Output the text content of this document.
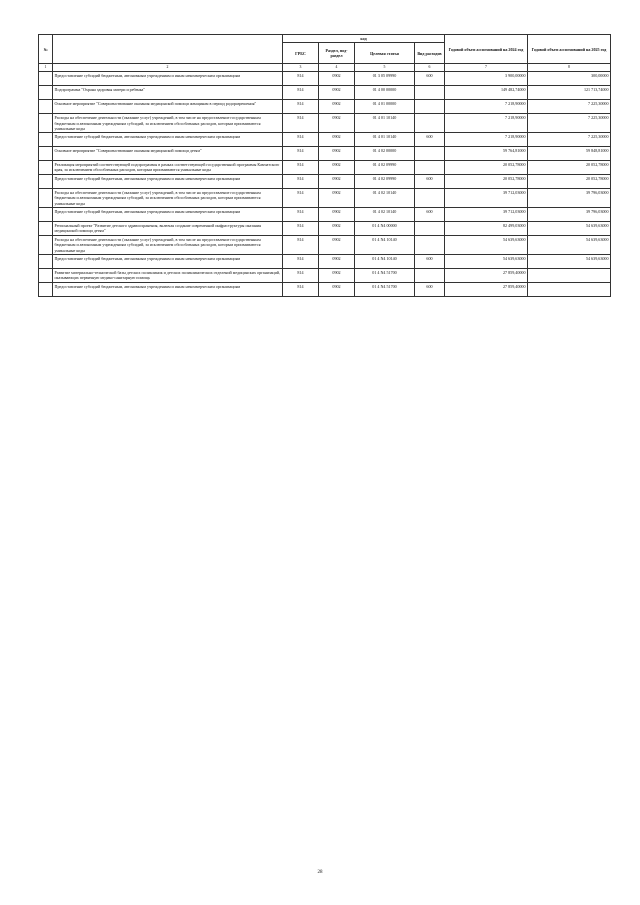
№		код				Годовой объем ассигнований на 2024 год	Годовой объем ассигнований на 2025 год
		ГРБС	Раздел, под-раздел	Целевая статья	Вид расходов		
1	2	3	4	5	6	7	8
	Предоставление субсидий бюджетным, автономным учреждениям и иным некоммерческим организациям	814	0902	01 3 05 09990	600	3 900,00000	300,00000
	Подпрограмма "Охрана здоровья матери и ребенка"	814	0902	01 4 00 00000		149 482,74000	121 713,74000
	Основное мероприятие "Совершенствование оказания медицинской помощи женщинам в период родоразрешения"	814	0902	01 4 01 00000		7 218,90000	7 225,30000
	Расходы на обеспечение деятельности (оказание услуг) учреждений, в том числе на предоставление государственным бюджетным и автономным учреждениям субсидий, за исключением обособленных расходов, которым присваиваются уникальные коды	814	0902	01 4 01 10140		7 218,90000	7 225,30000
	Предоставление субсидий бюджетным, автономным учреждениям и иным некоммерческим организациям	814	0902	01 4 01 10140	600	7 218,90000	7 225,30000
	Основное мероприятие "Совершенствование оказания медицинской помощи детям"	814	0902	01 4 02 00000		59 764,81000	59 848,81000
	Реализация мероприятий соответствующей подпрограммы в рамках соответствующей государственной программы Камчатского края, за исключением обособленных расходов, которым присваиваются уникальные коды	814	0902	01 4 02 09990		20 052,78000	20 052,78000
	Предоставление субсидий бюджетным, автономным учреждениям и иным некоммерческим организациям	814	0902	01 4 02 09990	600	20 052,78000	20 052,78000
	Расходы на обеспечение деятельности (оказание услуг) учреждений, в том числе на предоставление государственным бюджетным и автономным учреждениям субсидий, за исключением обособленных расходов, которым присваиваются уникальные коды	814	0902	01 4 02 10140		39 712,03000	39 796,03000
	Предоставление субсидий бюджетным, автономным учреждениям и иным некоммерческим организациям	814	0902	01 4 02 10140	600	39 712,03000	39 796,03000
	Региональный проект "Развитие детского здравоохранения, включая создание современной инфраструктуры оказания медицинской помощи детям"	814	0902	01 4 N4 00000		82 499,03000	54 639,63000
	Расходы на обеспечение деятельности (оказание услуг) учреждений, в том числе на предоставление государственным бюджетным и автономным учреждениям субсидий, за исключением обособленных расходов, которым присваиваются уникальные коды	814	0902	01 4 N4 10140		54 639,63000	54 639,63000
	Предоставление субсидий бюджетным, автономным учреждениям и иным некоммерческим организациям	814	0902	01 4 N4 10140	600	54 639,63000	54 639,63000
	Развитие материально-технической базы детских поликлиник и детских поликлинических отделений медицинских организаций, оказывающих первичную медико-санитарную помощь	814	0902	01 4 N4 51700		27 859,40000	
	Предоставление субсидий бюджетным, автономным учреждениям и иным некоммерческим организациям	814	0902	01 4 N4 51700	600	27 859,40000	
28
